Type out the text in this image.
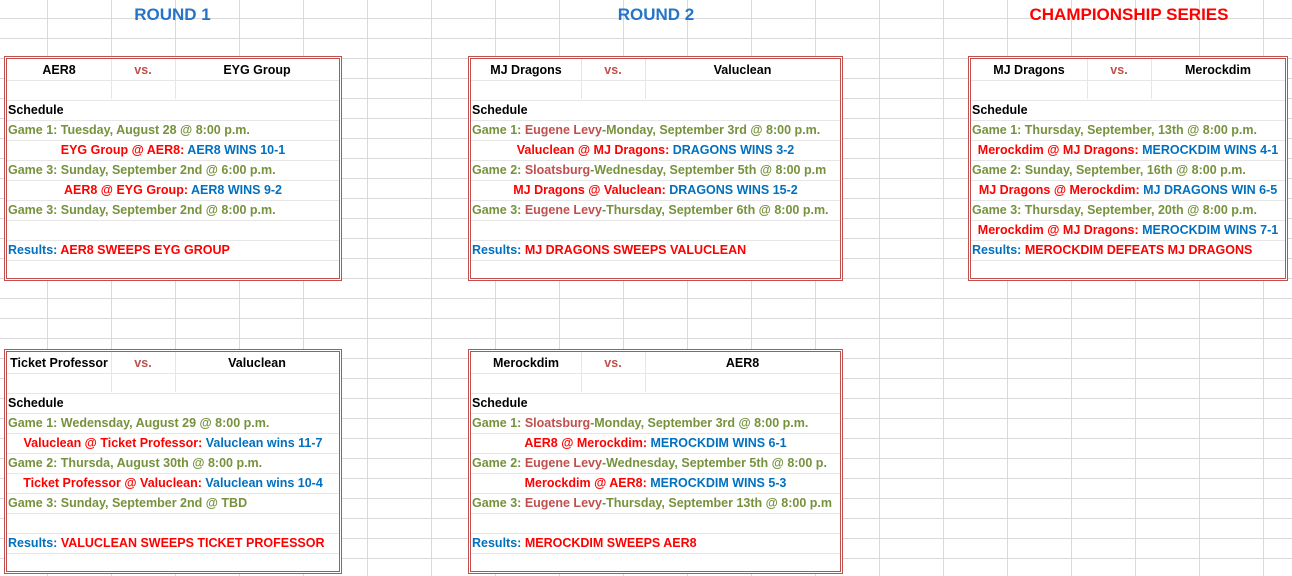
ROUND 1	ROUND 2	CHAMPIONSHIP SERIES
AER8	vs.	EYG Group
Schedule
Game 1: Tuesday, August 28 @ 8:00 p.m.
EYG Group @ AER8: AER8 WINS 10-1
Game 3: Sunday, September 2nd @ 6:00 p.m.
AER8 @ EYG Group: AER8 WINS 9-2
Game 3: Sunday, September 2nd @ 8:00 p.m.
Results: AER8 SWEEPS EYG GROUP
Ticket Professor	vs.	Valuclean
Schedule
Game 1: Wedensday, August 29 @ 8:00 p.m.
Valuclean @ Ticket Professor: Valuclean wins 11-7
Game 2: Thursda, August 30th @ 8:00 p.m.
Ticket Professor @ Valuclean: Valuclean wins 10-4
Game 3: Sunday, September 2nd @ TBD
Results: VALUCLEAN SWEEPS TICKET PROFESSOR
MJ Dragons	vs.	Valuclean
Schedule
Game 1: Eugene Levy-Monday, September 3rd @ 8:00 p.m.
Valuclean @ MJ Dragons: DRAGONS WINS 3-2
Game 2: Sloatsburg-Wednesday, September 5th @ 8:00 p.m
MJ Dragons @ Valuclean: DRAGONS WINS 15-2
Game 3: Eugene Levy-Thursday, September 6th @ 8:00 p.m.
Results: MJ DRAGONS SWEEPS VALUCLEAN
Merockdim	vs.	AER8
Schedule
Game 1: Sloatsburg-Monday, September 3rd @ 8:00 p.m.
AER8 @ Merockdim: MEROCKDIM WINS 6-1
Game 2: Eugene Levy-Wednesday, September 5th @ 8:00 p.
Merockdim @ AER8: MEROCKDIM WINS 5-3
Game 3: Eugene Levy-Thursday, September 13th @ 8:00 p.m
Results: MEROCKDIM SWEEPS AER8
MJ Dragons	vs.	Merockdim
Schedule
Game 1: Thursday, September, 13th @ 8:00 p.m.
Merockdim @ MJ Dragons: MEROCKDIM WINS 4-1
Game 2: Sunday, September, 16th @ 8:00 p.m.
MJ Dragons @ Merockdim: MJ DRAGONS WIN 6-5
Game 3: Thursday, September, 20th @ 8:00 p.m.
Merockdim @ MJ Dragons: MEROCKDIM WINS 7-1
Results: MEROCKDIM DEFEATS MJ DRAGONS
